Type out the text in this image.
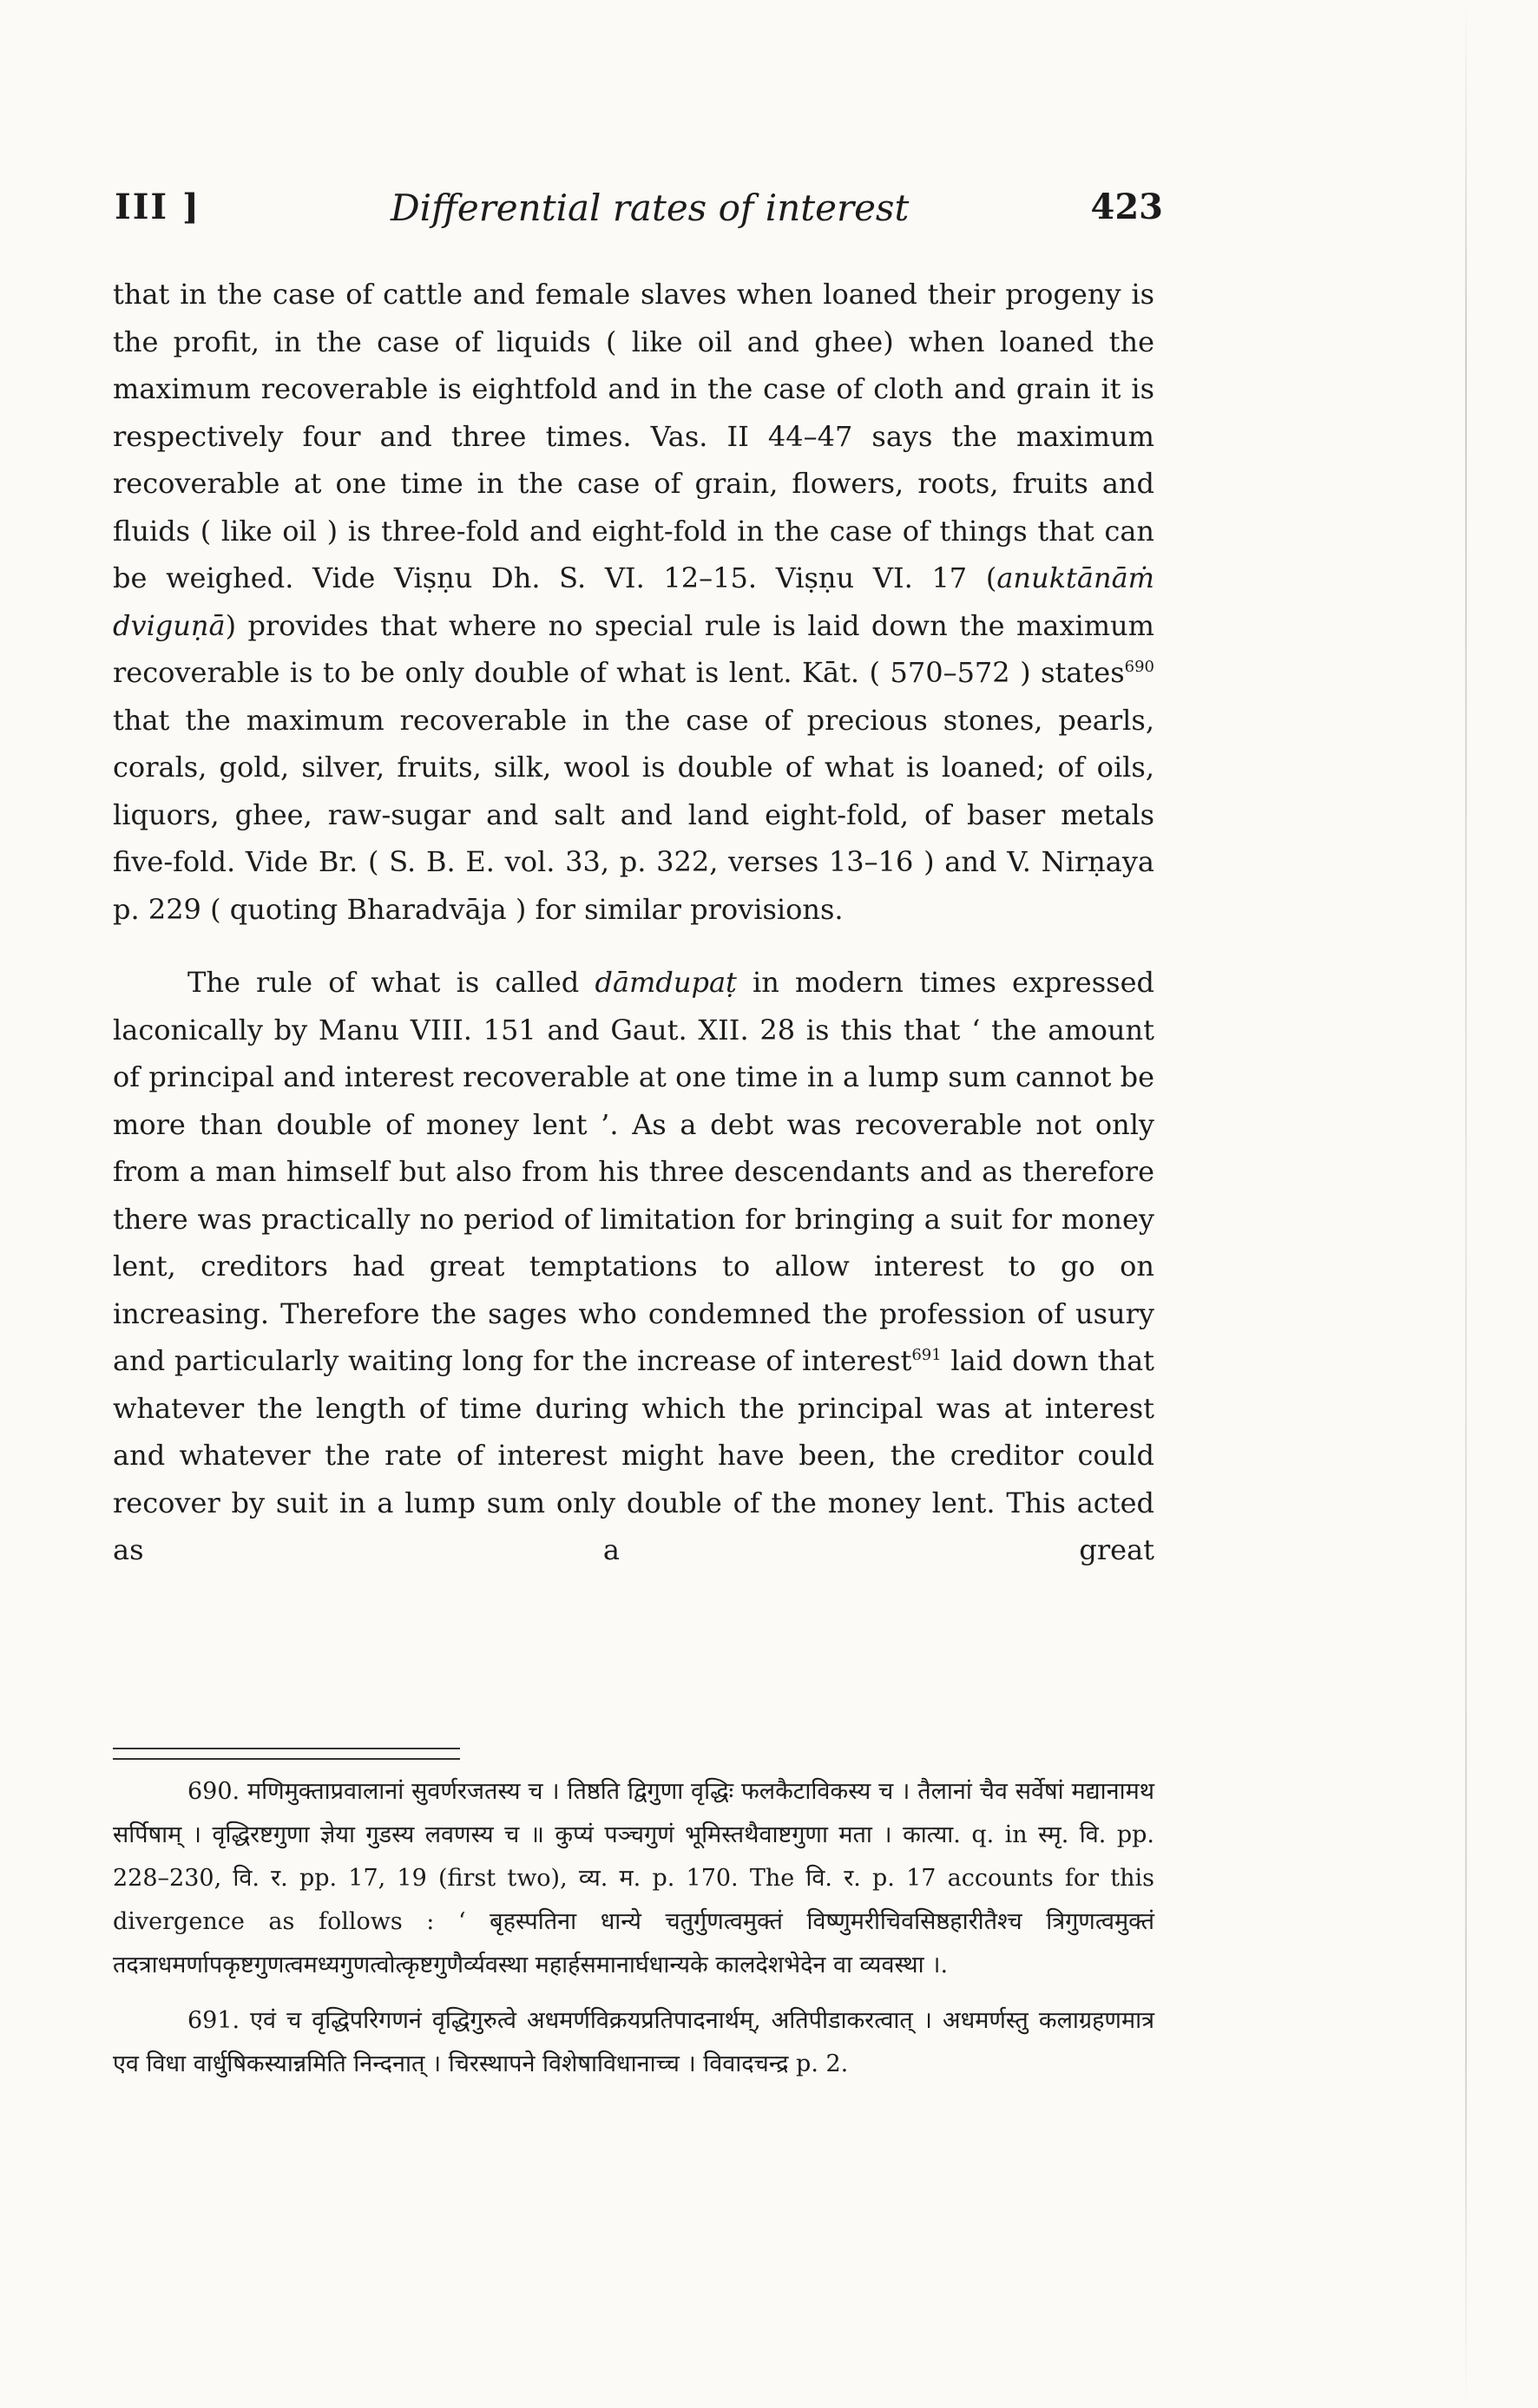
III ]	Differential rates of interest	423

that in the case of cattle and female slaves when loaned their progeny is the profit, in the case of liquids ( like oil and ghee) when loaned the maximum recoverable is eightfold and in the case of cloth and grain it is respectively four and three times. Vas. II 44–47 says the maximum recoverable at one time in the case of grain, flowers, roots, fruits and fluids ( like oil ) is three-fold and eight-fold in the case of things that can be weighed. Vide Viṣṇu Dh. S. VI. 12–15. Viṣṇu VI. 17 (anuktānāṁ dviguṇā) provides that where no special rule is laid down the maximum recoverable is to be only double of what is lent. Kāt. ( 570–572 ) states$^{690}$ that the maximum recoverable in the case of precious stones, pearls, corals, gold, silver, fruits, silk, wool is double of what is loaned; of oils, liquors, ghee, raw-sugar and salt and land eight-fold, of baser metals five-fold. Vide Br. ( S. B. E. vol. 33, p. 322, verses 13–16 ) and V. Nirṇaya p. 229 ( quoting Bharadvāja ) for similar provisions.

The rule of what is called dāmdupaṭ in modern times expressed laconically by Manu VIII. 151 and Gaut. XII. 28 is this that ‘ the amount of principal and interest recoverable at one time in a lump sum cannot be more than double of money lent ’. As a debt was recoverable not only from a man himself but also from his three descendants and as therefore there was practically no period of limitation for bringing a suit for money lent, creditors had great temptations to allow interest to go on increasing. Therefore the sages who condemned the profession of usury and particularly waiting long for the increase of interest$^{691}$ laid down that whatever the length of time during which the principal was at interest and whatever the rate of interest might have been, the creditor could recover by suit in a lump sum only double of the money lent. This acted as a great

690. मणिमुक्ताप्रवालानां सुवर्णरजतस्य च । तिष्ठति द्विगुणा वृद्धिः फलकैटाविकस्य च । तैलानां चैव सर्वेषां मद्यानामथ सर्पिषाम् । वृद्धिरष्टगुणा ज्ञेया गुडस्य लवणस्य च ॥ कुप्यं पञ्चगुणं भूमिस्तथैवाष्टगुणा मता । कात्या. q. in स्मृ. वि. pp. 228–230, वि. र. pp. 17, 19 (first two), व्य. म. p. 170. The वि. र. p. 17 accounts for this divergence as follows : ‘ बृहस्पतिना धान्ये चतुर्गुणत्वमुक्तं विष्णुमरीचिवसिष्ठहारीतैश्च त्रिगुणत्वमुक्तं तदत्राधमर्णापकृष्टगुणत्वमध्यगुणत्वोत्कृष्टगुणैर्व्यवस्था महार्हसमानार्घधान्यके कालदेशभेदेन वा व्यवस्था ।.

691. एवं च वृद्धिपरिगणनं वृद्धिगुरुत्वे अधमर्णविक्रयप्रतिपादनार्थम्, अतिपीडाकरत्वात् । अधमर्णस्तु कलाग्रहणमात्र एव विधा वार्धुषिकस्यान्नमिति निन्दनात् । चिरस्थापने विशेषाविधानाच्च । विवादचन्द्र p. 2.
